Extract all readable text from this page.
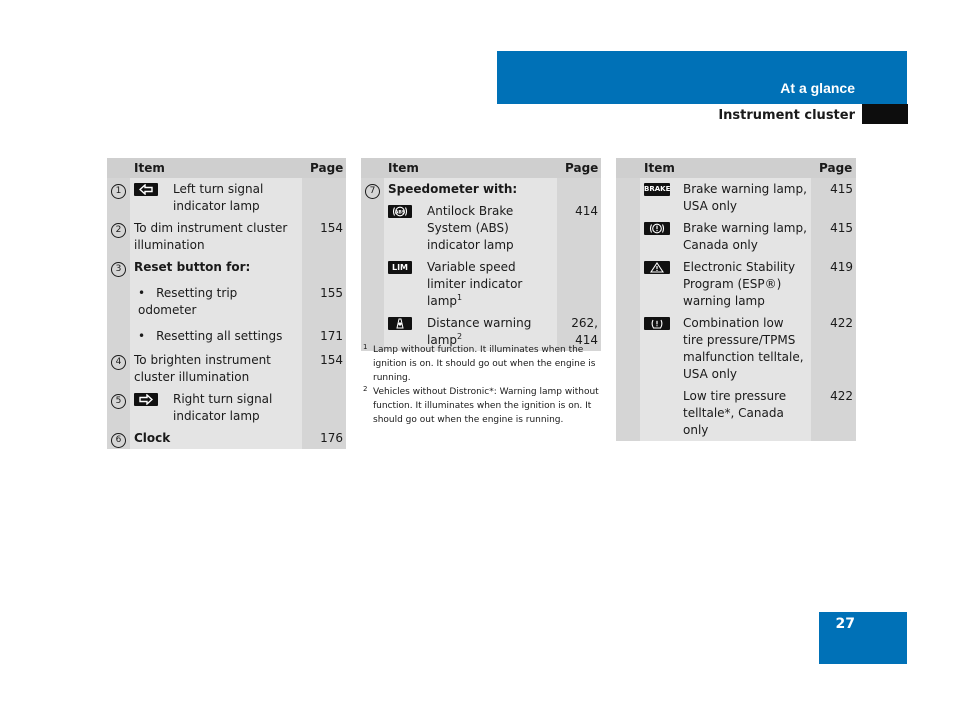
At a glance
Instrument cluster
	Item	Page
1	Left turn signal indicator lamp	

2	To dim instrument cluster illumination	154
3	Reset button for:	

	• Resetting trip odometer	155

	• Resetting all settings	171
4	To brighten instrument cluster illumination	154
5	Right turn signal indicator lamp	

6	Clock	176
	Item	Page
7	Speedometer with:	

ABS Antilock Brake System (ABS) indicator lamp	414

	LIM Variable speed limiter indicator lamp$^1$

	Distance warning lamp$^2$	262, 414
1 Lamp without function. It illuminates when the ignition is on. It should go out when the engine is running.
2 Vehicles without Distronic*: Warning lamp without function. It illuminates when the ignition is on. It should go out when the engine is running.
	Item	Page

	BRAKE Brake warning lamp, USA only	415

	Brake warning lamp, Canada only	415

	Electronic Stability Program (ESP®) warning lamp	419

	Combination low tire pressure/TPMS malfunction telltale, USA only	422

	Low tire pressure telltale*, Canada only	422
27
